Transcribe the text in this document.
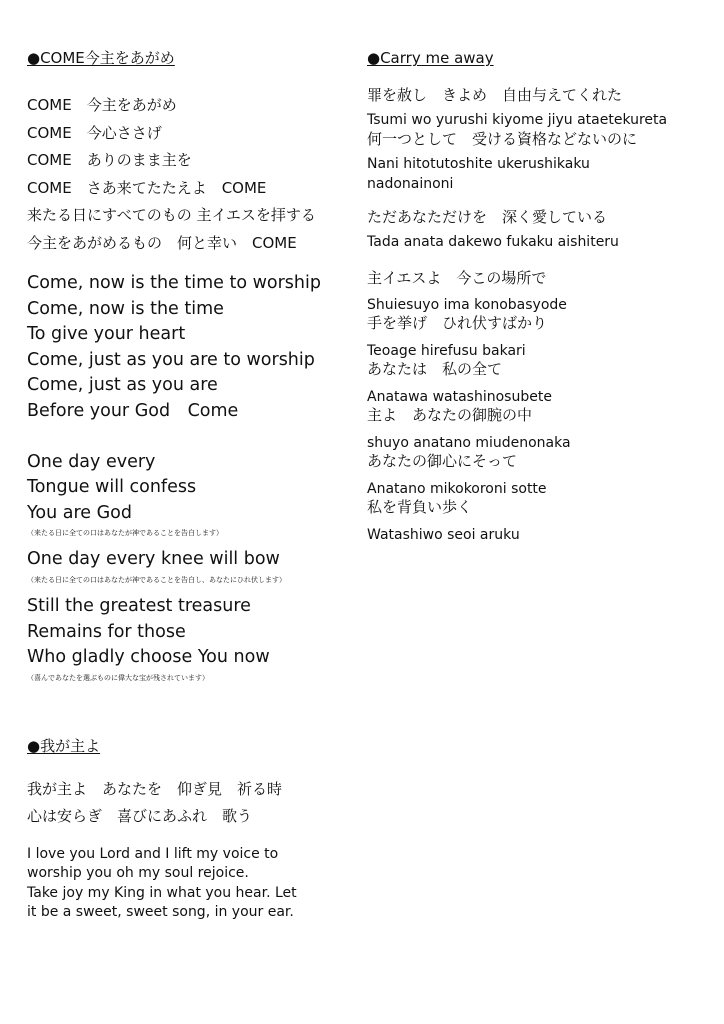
●COME今主をあがめ
COME　今主をあがめ
COME　今心ささげ
COME　ありのまま主を
COME　さあ来てたたえよ　COME
来たる日にすべてのもの 主イエスを拝する
今主をあがめるもの　何と幸い　COME
Come, now is the time to worship
Come, now is the time
To give your heart
Come, just as you are to worship
Come, just as you are
Before your God　Come
One day every
Tongue will confess
You are God
（来たる日に全ての口はあなたが神であることを告白します）
One day every knee will bow
（来たる日に全ての口はあなたが神であることを告白し、あなたにひれ伏します）
Still the greatest treasure
Remains for those
Who gladly choose You now
（喜んであなたを選ぶものに偉大な宝が残されています）
●我が主よ
我が主よ　あなたを　仰ぎ見　祈る時
心は安らぎ　喜びにあふれ　歌う
I love you Lord and I lift my voice to
worship you oh my soul rejoice.
Take joy my King in what you hear. Let
it be a sweet, sweet song, in your ear.
●Carry me away
罪を赦し　きよめ　自由与えてくれた
Tsumi wo yurushi kiyome jiyu ataetekureta
何一つとして　受ける資格などないのに
Nani hitotutoshite ukerushikaku
nadonainoni
ただあなただけを　深く愛している
Tada anata dakewo fukaku aishiteru
主イエスよ　今この場所で
Shuiesuyo ima konobasyode
手を挙げ　ひれ伏すばかり
Teoage hirefusu bakari
あなたは　私の全て
Anatawa watashinosubete
主よ　あなたの御腕の中
shuyo anatano miudenonaka
あなたの御心にそって
Anatano mikokoroni sotte
私を背負い歩く
Watashiwo seoi aruku
